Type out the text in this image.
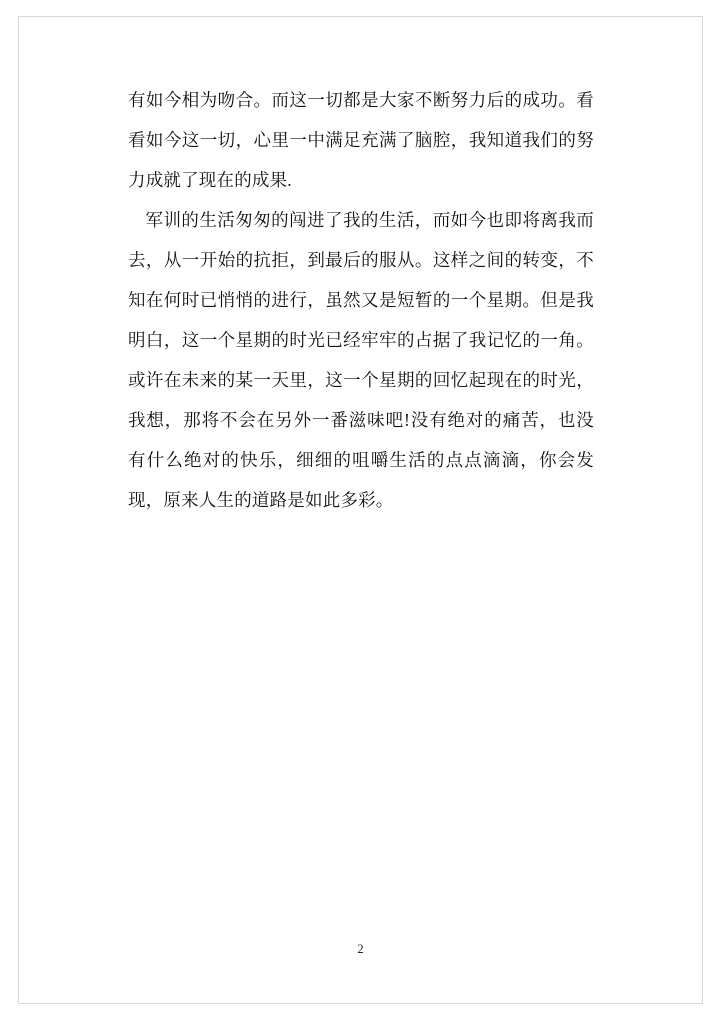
有如今相为吻合。而这一切都是大家不断努力后的成功。看看如今这一切，心里一中满足充满了脑腔，我知道我们的努力成就了现在的成果.

军训的生活匆匆的闯进了我的生活，而如今也即将离我而去，从一开始的抗拒，到最后的服从。这样之间的转变，不知在何时已悄悄的进行，虽然又是短暂的一个星期。但是我明白，这一个星期的时光已经牢牢的占据了我记忆的一角。或许在未来的某一天里，这一个星期的回忆起现在的时光，我想，那将不会在另外一番滋味吧!没有绝对的痛苦，也没有什么绝对的快乐，细细的咀嚼生活的点点滴滴，你会发现，原来人生的道路是如此多彩。

2
